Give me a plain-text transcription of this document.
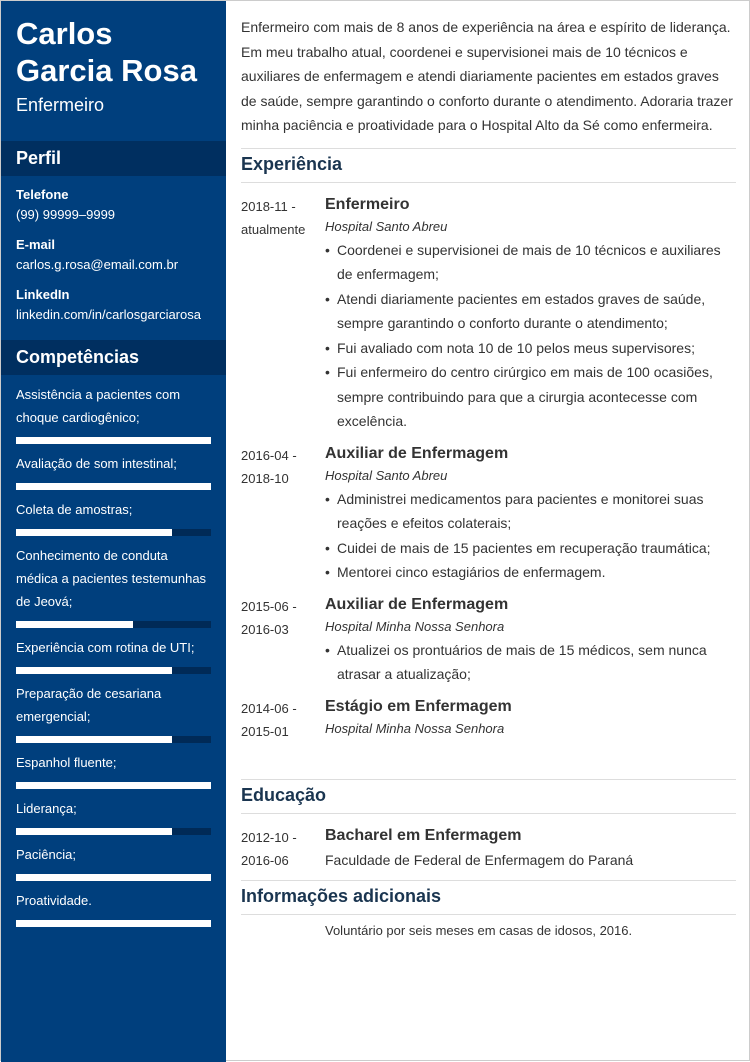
Carlos
Garcia Rosa
Enfermeiro
Perfil
Telefone
(99) 99999–9999
E-mail
carlos.g.rosa@email.com.br
LinkedIn
linkedin.com/in/carlosgarciarosa
Competências
Assistência a pacientes com choque cardiogênico;
Avaliação de som intestinal;
Coleta de amostras;
Conhecimento de conduta médica a pacientes testemunhas de Jeová;
Experiência com rotina de UTI;
Preparação de cesariana emergencial;
Espanhol fluente;
Liderança;
Paciência;
Proatividade.

Enfermeiro com mais de 8 anos de experiência na área e espírito de liderança. Em meu trabalho atual, coordenei e supervisionei mais de 10 técnicos e auxiliares de enfermagem e atendi diariamente pacientes em estados graves de saúde, sempre garantindo o conforto durante o atendimento. Adoraria trazer minha paciência e proatividade para o Hospital Alto da Sé como enfermeira.

Experiência
2018-11 -
atualmente
Enfermeiro
Hospital Santo Abreu
• Coordenei e supervisionei de mais de 10 técnicos e auxiliares de enfermagem;
• Atendi diariamente pacientes em estados graves de saúde, sempre garantindo o conforto durante o atendimento;
• Fui avaliado com nota 10 de 10 pelos meus supervisores;
• Fui enfermeiro do centro cirúrgico em mais de 100 ocasiões, sempre contribuindo para que a cirurgia acontecesse com excelência.
2016-04 -
2018-10
Auxiliar de Enfermagem
Hospital Santo Abreu
• Administrei medicamentos para pacientes e monitorei suas reações e efeitos colaterais;
• Cuidei de mais de 15 pacientes em recuperação traumática;
• Mentorei cinco estagiários de enfermagem.
2015-06 -
2016-03
Auxiliar de Enfermagem
Hospital Minha Nossa Senhora
• Atualizei os prontuários de mais de 15 médicos, sem nunca atrasar a atualização;
2014-06 -
2015-01
Estágio em Enfermagem
Hospital Minha Nossa Senhora
Educação
2012-10 -
2016-06
Bacharel em Enfermagem
Faculdade de Federal de Enfermagem do Paraná
Informações adicionais
Voluntário por seis meses em casas de idosos, 2016.
